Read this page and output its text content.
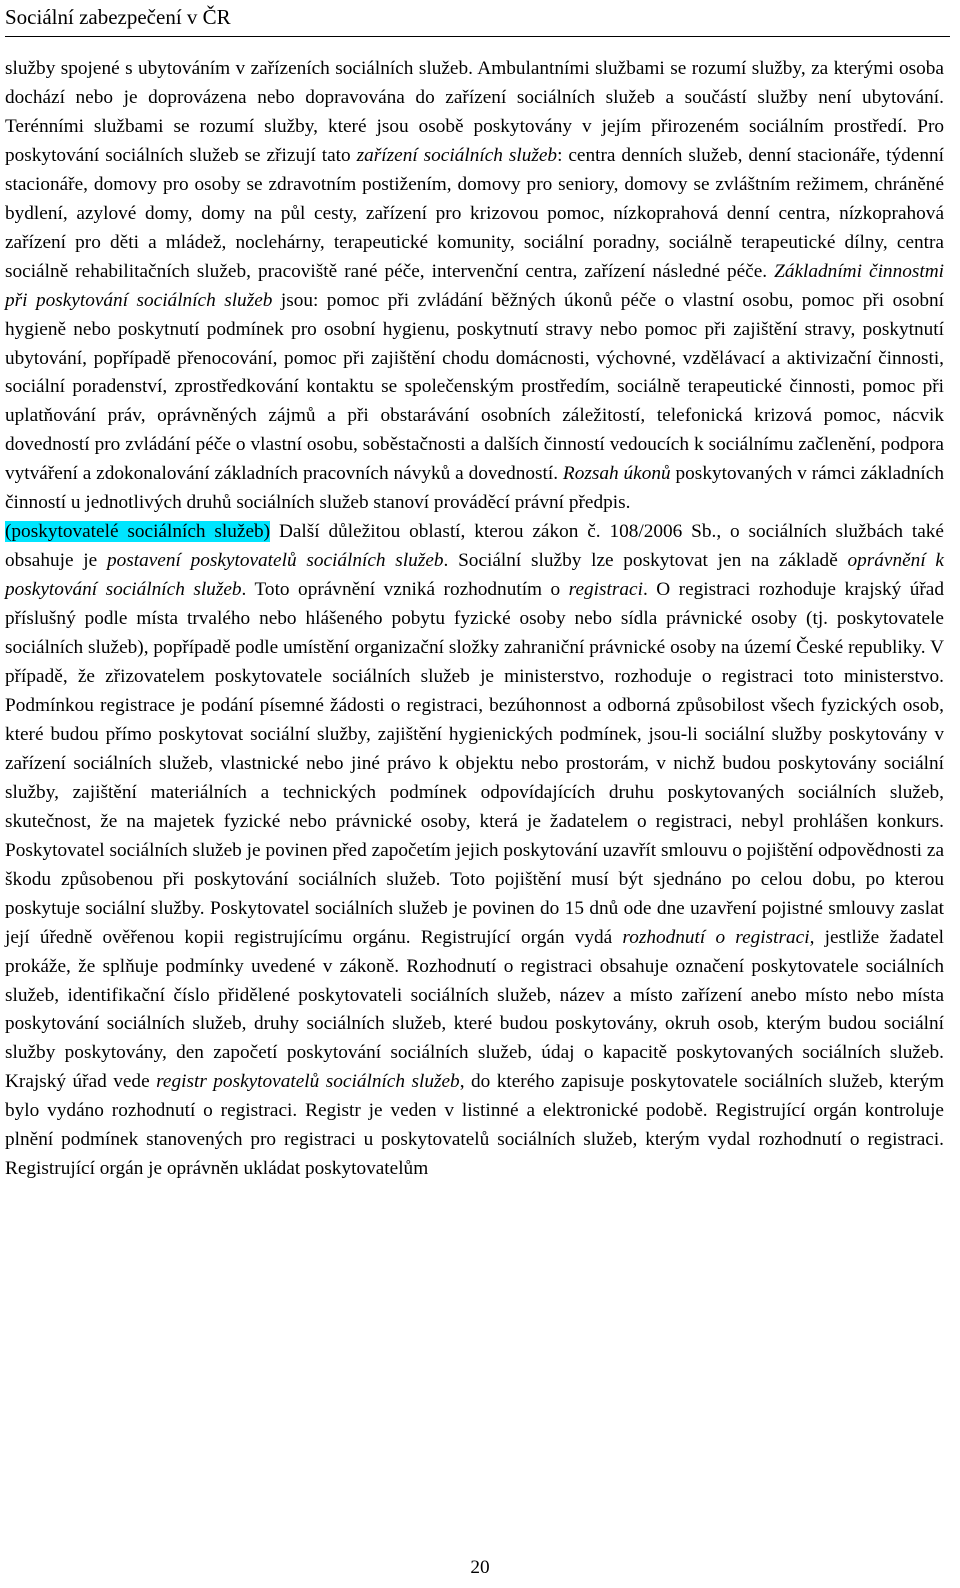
Sociální zabezpečení v ČR

služby spojené s ubytováním v zařízeních sociálních služeb. Ambulantními službami se rozumí služby, za kterými osoba dochází nebo je doprovázena nebo dopravována do zařízení sociálních služeb a součástí služby není ubytování. Terénními službami se rozumí služby, které jsou osobě poskytovány v jejím přirozeném sociálním prostředí. Pro poskytování sociálních služeb se zřizují tato zařízení sociálních služeb: centra denních služeb, denní stacionáře, týdenní stacionáře, domovy pro osoby se zdravotním postižením, domovy pro seniory, domovy se zvláštním režimem, chráněné bydlení, azylové domy, domy na půl cesty, zařízení pro krizovou pomoc, nízkoprahová denní centra, nízkoprahová zařízení pro děti a mládež, noclehárny, terapeutické komunity, sociální poradny, sociálně terapeutické dílny, centra sociálně rehabilitačních služeb, pracoviště rané péče, intervenční centra, zařízení následné péče. Základními činnostmi při poskytování sociálních služeb jsou: pomoc při zvládání běžných úkonů péče o vlastní osobu, pomoc při osobní hygieně nebo poskytnutí podmínek pro osobní hygienu, poskytnutí stravy nebo pomoc při zajištění stravy, poskytnutí ubytování, popřípadě přenocování, pomoc při zajištění chodu domácnosti, výchovné, vzdělávací a aktivizační činnosti, sociální poradenství, zprostředkování kontaktu se společenským prostředím, sociálně terapeutické činnosti, pomoc při uplatňování práv, oprávněných zájmů a při obstarávání osobních záležitostí, telefonická krizová pomoc, nácvik dovedností pro zvládání péče o vlastní osobu, soběstačnosti a dalších činností vedoucích k sociálnímu začlenění, podpora vytváření a zdokonalování základních pracovních návyků a dovedností. Rozsah úkonů poskytovaných v rámci základních činností u jednotlivých druhů sociálních služeb stanoví prováděcí právní předpis.

(poskytovatelé sociálních služeb) Další důležitou oblastí, kterou zákon č. 108/2006 Sb., o sociálních službách také obsahuje je postavení poskytovatelů sociálních služeb. Sociální služby lze poskytovat jen na základě oprávnění k poskytování sociálních služeb. Toto oprávnění vzniká rozhodnutím o registraci. O registraci rozhoduje krajský úřad příslušný podle místa trvalého nebo hlášeného pobytu fyzické osoby nebo sídla právnické osoby (tj. poskytovatele sociálních služeb), popřípadě podle umístění organizační složky zahraniční právnické osoby na území České republiky. V případě, že zřizovatelem poskytovatele sociálních služeb je ministerstvo, rozhoduje o registraci toto ministerstvo. Podmínkou registrace je podání písemné žádosti o registraci, bezúhonnost a odborná způsobilost všech fyzických osob, které budou přímo poskytovat sociální služby, zajištění hygienických podmínek, jsou-li sociální služby poskytovány v zařízení sociálních služeb, vlastnické nebo jiné právo k objektu nebo prostorám, v nichž budou poskytovány sociální služby, zajištění materiálních a technických podmínek odpovídajících druhu poskytovaných sociálních služeb, skutečnost, že na majetek fyzické nebo právnické osoby, která je žadatelem o registraci, nebyl prohlášen konkurs. Poskytovatel sociálních služeb je povinen před započetím jejich poskytování uzavřít smlouvu o pojištění odpovědnosti za škodu způsobenou při poskytování sociálních služeb. Toto pojištění musí být sjednáno po celou dobu, po kterou poskytuje sociální služby. Poskytovatel sociálních služeb je povinen do 15 dnů ode dne uzavření pojistné smlouvy zaslat její úředně ověřenou kopii registrujícímu orgánu. Registrující orgán vydá rozhodnutí o registraci, jestliže žadatel prokáže, že splňuje podmínky uvedené v zákoně. Rozhodnutí o registraci obsahuje označení poskytovatele sociálních služeb, identifikační číslo přidělené poskytovateli sociálních služeb, název a místo zařízení anebo místo nebo místa poskytování sociálních služeb, druhy sociálních služeb, které budou poskytovány, okruh osob, kterým budou sociální služby poskytovány, den započetí poskytování sociálních služeb, údaj o kapacitě poskytovaných sociálních služeb. Krajský úřad vede registr poskytovatelů sociálních služeb, do kterého zapisuje poskytovatele sociálních služeb, kterým bylo vydáno rozhodnutí o registraci. Registr je veden v listinné a elektronické podobě. Registrující orgán kontroluje plnění podmínek stanovených pro registraci u poskytovatelů sociálních služeb, kterým vydal rozhodnutí o registraci. Registrující orgán je oprávněn ukládat poskytovatelům

20
